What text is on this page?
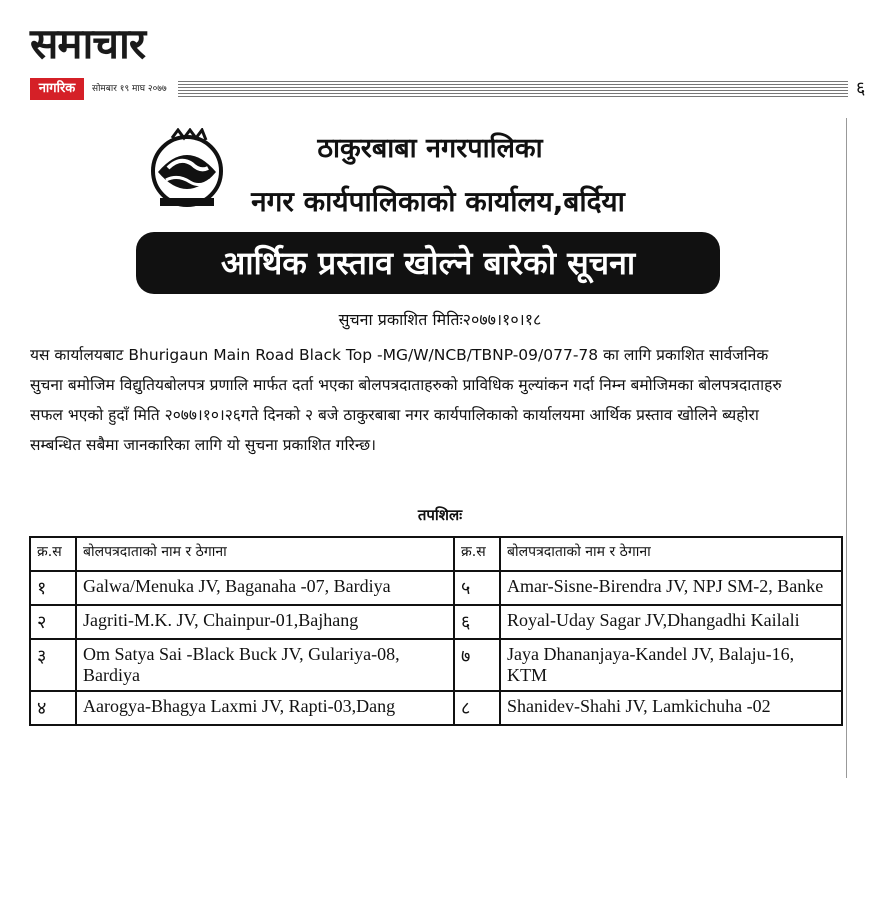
समाचार
नागरिक	सोमबार १९ माघ २०७७	६
ठाकुरबाबा नगरपालिका
नगर कार्यपालिकाको कार्यालय,बर्दिया
आर्थिक प्रस्ताव खोल्ने बारेको सूचना
सुचना प्रकाशित मितिः२०७७।१०।१८
यस कार्यालयबाट Bhurigaun Main Road Black Top -MG/W/NCB/TBNP-09/077-78 का लागि प्रकाशित सार्वजनिक
सुचना बमोजिम विद्युतियबोलपत्र प्रणालि मार्फत दर्ता भएका बोलपत्रदाताहरुको प्राविधिक मुल्यांकन गर्दा निम्न बमोजिमका बोलपत्रदाताहरु
सफल भएको हुदाँ मिति २०७७।१०।२६गते दिनको २ बजे ठाकुरबाबा नगर कार्यपालिकाको कार्यालयमा आर्थिक प्रस्ताव खोलिने ब्यहोरा
सम्बन्धित सबैमा जानकारिका लागि यो सुचना प्रकाशित गरिन्छ।
तपशिलः
क्र.स	बोलपत्रदाताको नाम र ठेगाना	क्र.स	बोलपत्रदाताको नाम र ठेगाना
१	Galwa/Menuka JV, Baganaha -07, Bardiya	५	Amar-Sisne-Birendra JV, NPJ SM-2, Banke
२	Jagriti-M.K. JV, Chainpur-01,Bajhang	६	Royal-Uday Sagar JV,Dhangadhi Kailali
३	Om Satya Sai -Black Buck JV, Gulariya-08, Bardiya	७	Jaya Dhananjaya-Kandel JV, Balaju-16, KTM
४	Aarogya-Bhagya Laxmi JV, Rapti-03,Dang	८	Shanidev-Shahi JV, Lamkichuha -02
